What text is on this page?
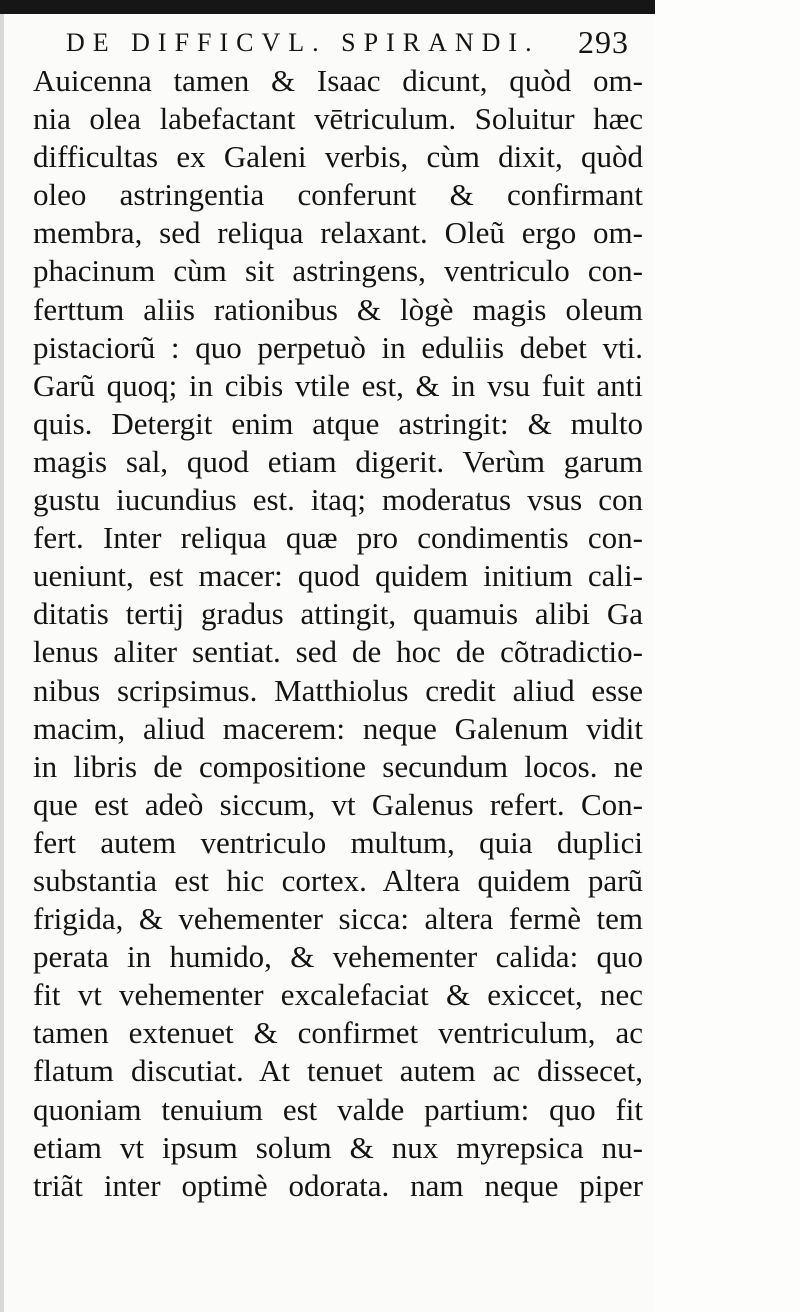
DE DIFFICVL. SPIRANDI. 293
Auicenna tamen & Isaac dicunt, quòd om-
nia olea labefactant vētriculum. Soluitur hæc
difficultas ex Galeni verbis, cùm dixit, quòd
oleo astringentia conferunt & confirmant
membra, sed reliqua relaxant. Oleũ ergo om-
phacinum cùm sit astringens, ventriculo con-
ferttum aliis rationibus & lògè magis oleum
pistaciorũ : quo perpetuò in eduliis debet vti.
Garũ quoq; in cibis vtile est, & in vsu fuit anti
quis. Detergit enim atque astringit: & multo
magis sal, quod etiam digerit. Verùm garum
gustu iucundius est. itaq; moderatus vsus con
fert. Inter reliqua quæ pro condimentis con-
ueniunt, est macer: quod quidem initium cali-
ditatis tertij gradus attingit, quamuis alibi Ga
lenus aliter sentiat. sed de hoc de cõtradictio-
nibus scripsimus. Matthiolus credit aliud esse
macim, aliud macerem: neque Galenum vidit
in libris de compositione secundum locos. ne
que est adeò siccum, vt Galenus refert. Con-
fert autem ventriculo multum, quia duplici
substantia est hic cortex. Altera quidem parũ
frigida, & vehementer sicca: altera fermè tem
perata in humido, & vehementer calida: quo
fit vt vehementer excalefaciat & exiccet, nec
tamen extenuet & confirmet ventriculum, ac
flatum discutiat. At tenuet autem ac dissecet,
quoniam tenuium est valde partium: quo fit
etiam vt ipsum solum & nux myrepsica nu-
triãt inter optimè odorata. nam neque piper
